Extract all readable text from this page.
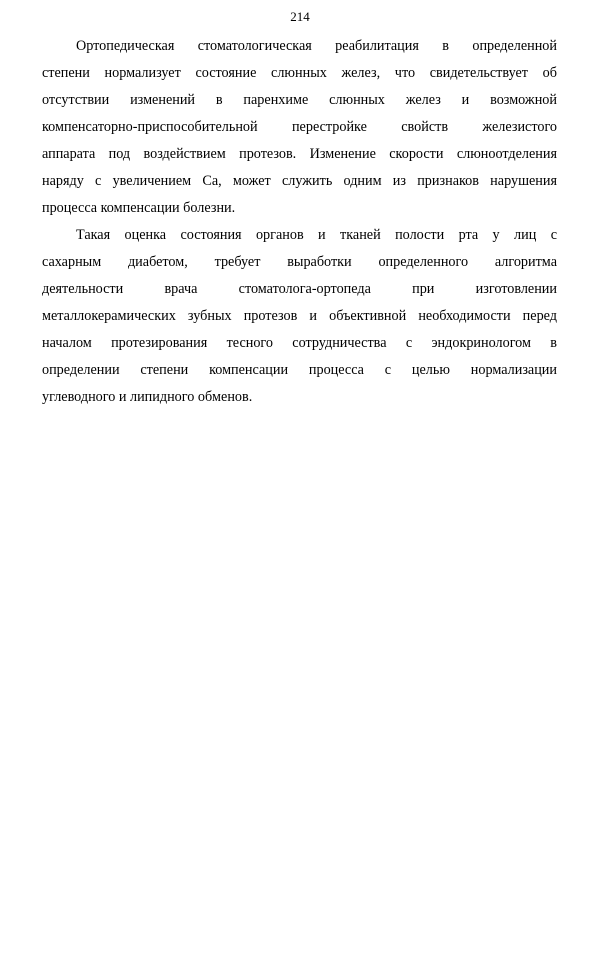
214

Ортопедическая стоматологическая реабилитация в определенной
степени нормализует состояние слюнных желез, что свидетельствует об
отсутствии изменений в паренхиме слюнных желез и возможной
компенсаторно-приспособительной перестройке свойств железистого
аппарата под воздействием протезов. Изменение скорости слюноотделения
наряду с увеличением Са, может служить одним из признаков нарушения
процесса компенсации болезни.

Такая оценка состояния органов и тканей полости рта у лиц с
сахарным диабетом, требует выработки определенного алгоритма
деятельности врача стоматолога-ортопеда при изготовлении
металлокерамических зубных протезов и объективной необходимости перед
началом протезирования тесного сотрудничества с эндокринологом в
определении степени компенсации процесса с целью нормализации
углеводного и липидного обменов.
